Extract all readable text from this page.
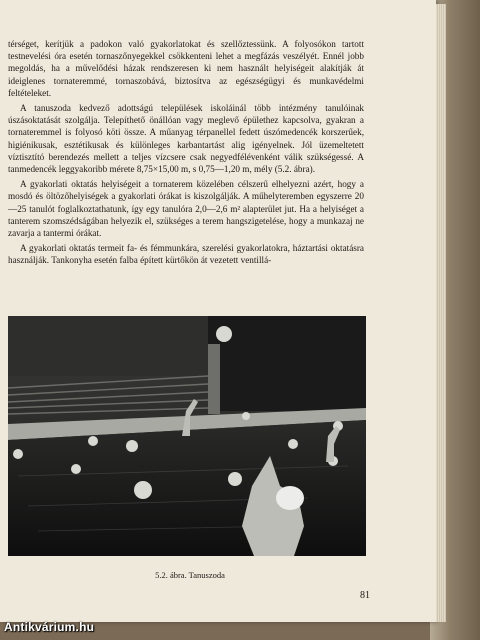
térséget, kerítjük a padokon való gyakorlatokat és szellőztessünk. A folyosókon tartott testnevelési óra esetén tornaszőnyegekkel csökkenteni lehet a megfázás veszélyét. Ennél jobb megoldás, ha a művelődési házak rendszeresen ki nem használt helyiségeit alakítják át ideiglenes tornateremmé, tornaszobává, biztosítva az egészségügyi és munkavédelmi feltételeket.

A tanuszoda kedvező adottságú települések iskoláinál több intézmény tanulóinak úszásoktatását szolgálja. Telepíthető önállóan vagy meglevő épülethez kapcsolva, gyakran a tornateremmel is folyosó köti össze. A műanyag térpanellel fedett úszómedencék korszerűek, higiénikusak, esztétikusak és különleges karbantartást alig igényelnek. Jól üzemeltetett víztisztító berendezés mellett a teljes vízcsere csak negyedfélévenként válik szükségessé. A tanmedencék leggyakoribb mérete 8,75×15,00 m, s 0,75—1,20 m, mély (5.2. ábra).

A gyakorlati oktatás helyiségeit a tornaterem közelében célszerű elhelyezni azért, hogy a mosdó és öltözőhelyiségek a gyakorlati órákat is kiszolgálják. A műhelyteremben egyszerre 20—25 tanulót foglalkoztathatunk, így egy tanulóra 2,0—2,6 m² alapterület jut. Ha a helyiséget a tanterem szomszédságában helyezik el, szükséges a terem hangszigetelése, hogy a munkazaj ne zavarja a tantermi órákat.

A gyakorlati oktatás termeit fa- és fémmunkára, szerelési gyakorlatokra, háztartási oktatásra használják. Tankonyha esetén falba épített kürtőkön át vezetett ventillá-

5.2. ábra. Tanuszoda
81
Antikvárium.hu
